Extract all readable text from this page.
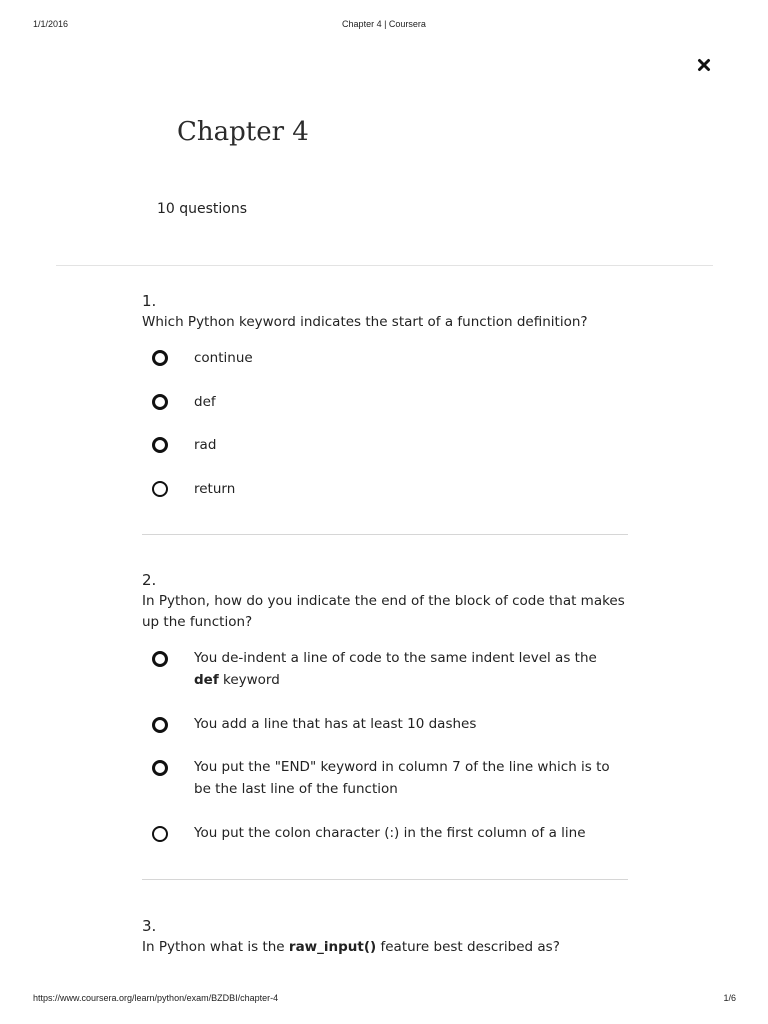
1/1/2016	Chapter 4 | Coursera
Chapter 4
10 questions
1.
Which Python keyword indicates the start of a function definition?
continue
def
rad
return
2.
In Python, how do you indicate the end of the block of code that makes up the function?
You de-indent a line of code to the same indent level as the def keyword
You add a line that has at least 10 dashes
You put the "END" keyword in column 7 of the line which is to be the last line of the function
You put the colon character (:) in the first column of a line
3.
In Python what is the raw_input() feature best described as?
https://www.coursera.org/learn/python/exam/BZDBI/chapter-4	1/6
